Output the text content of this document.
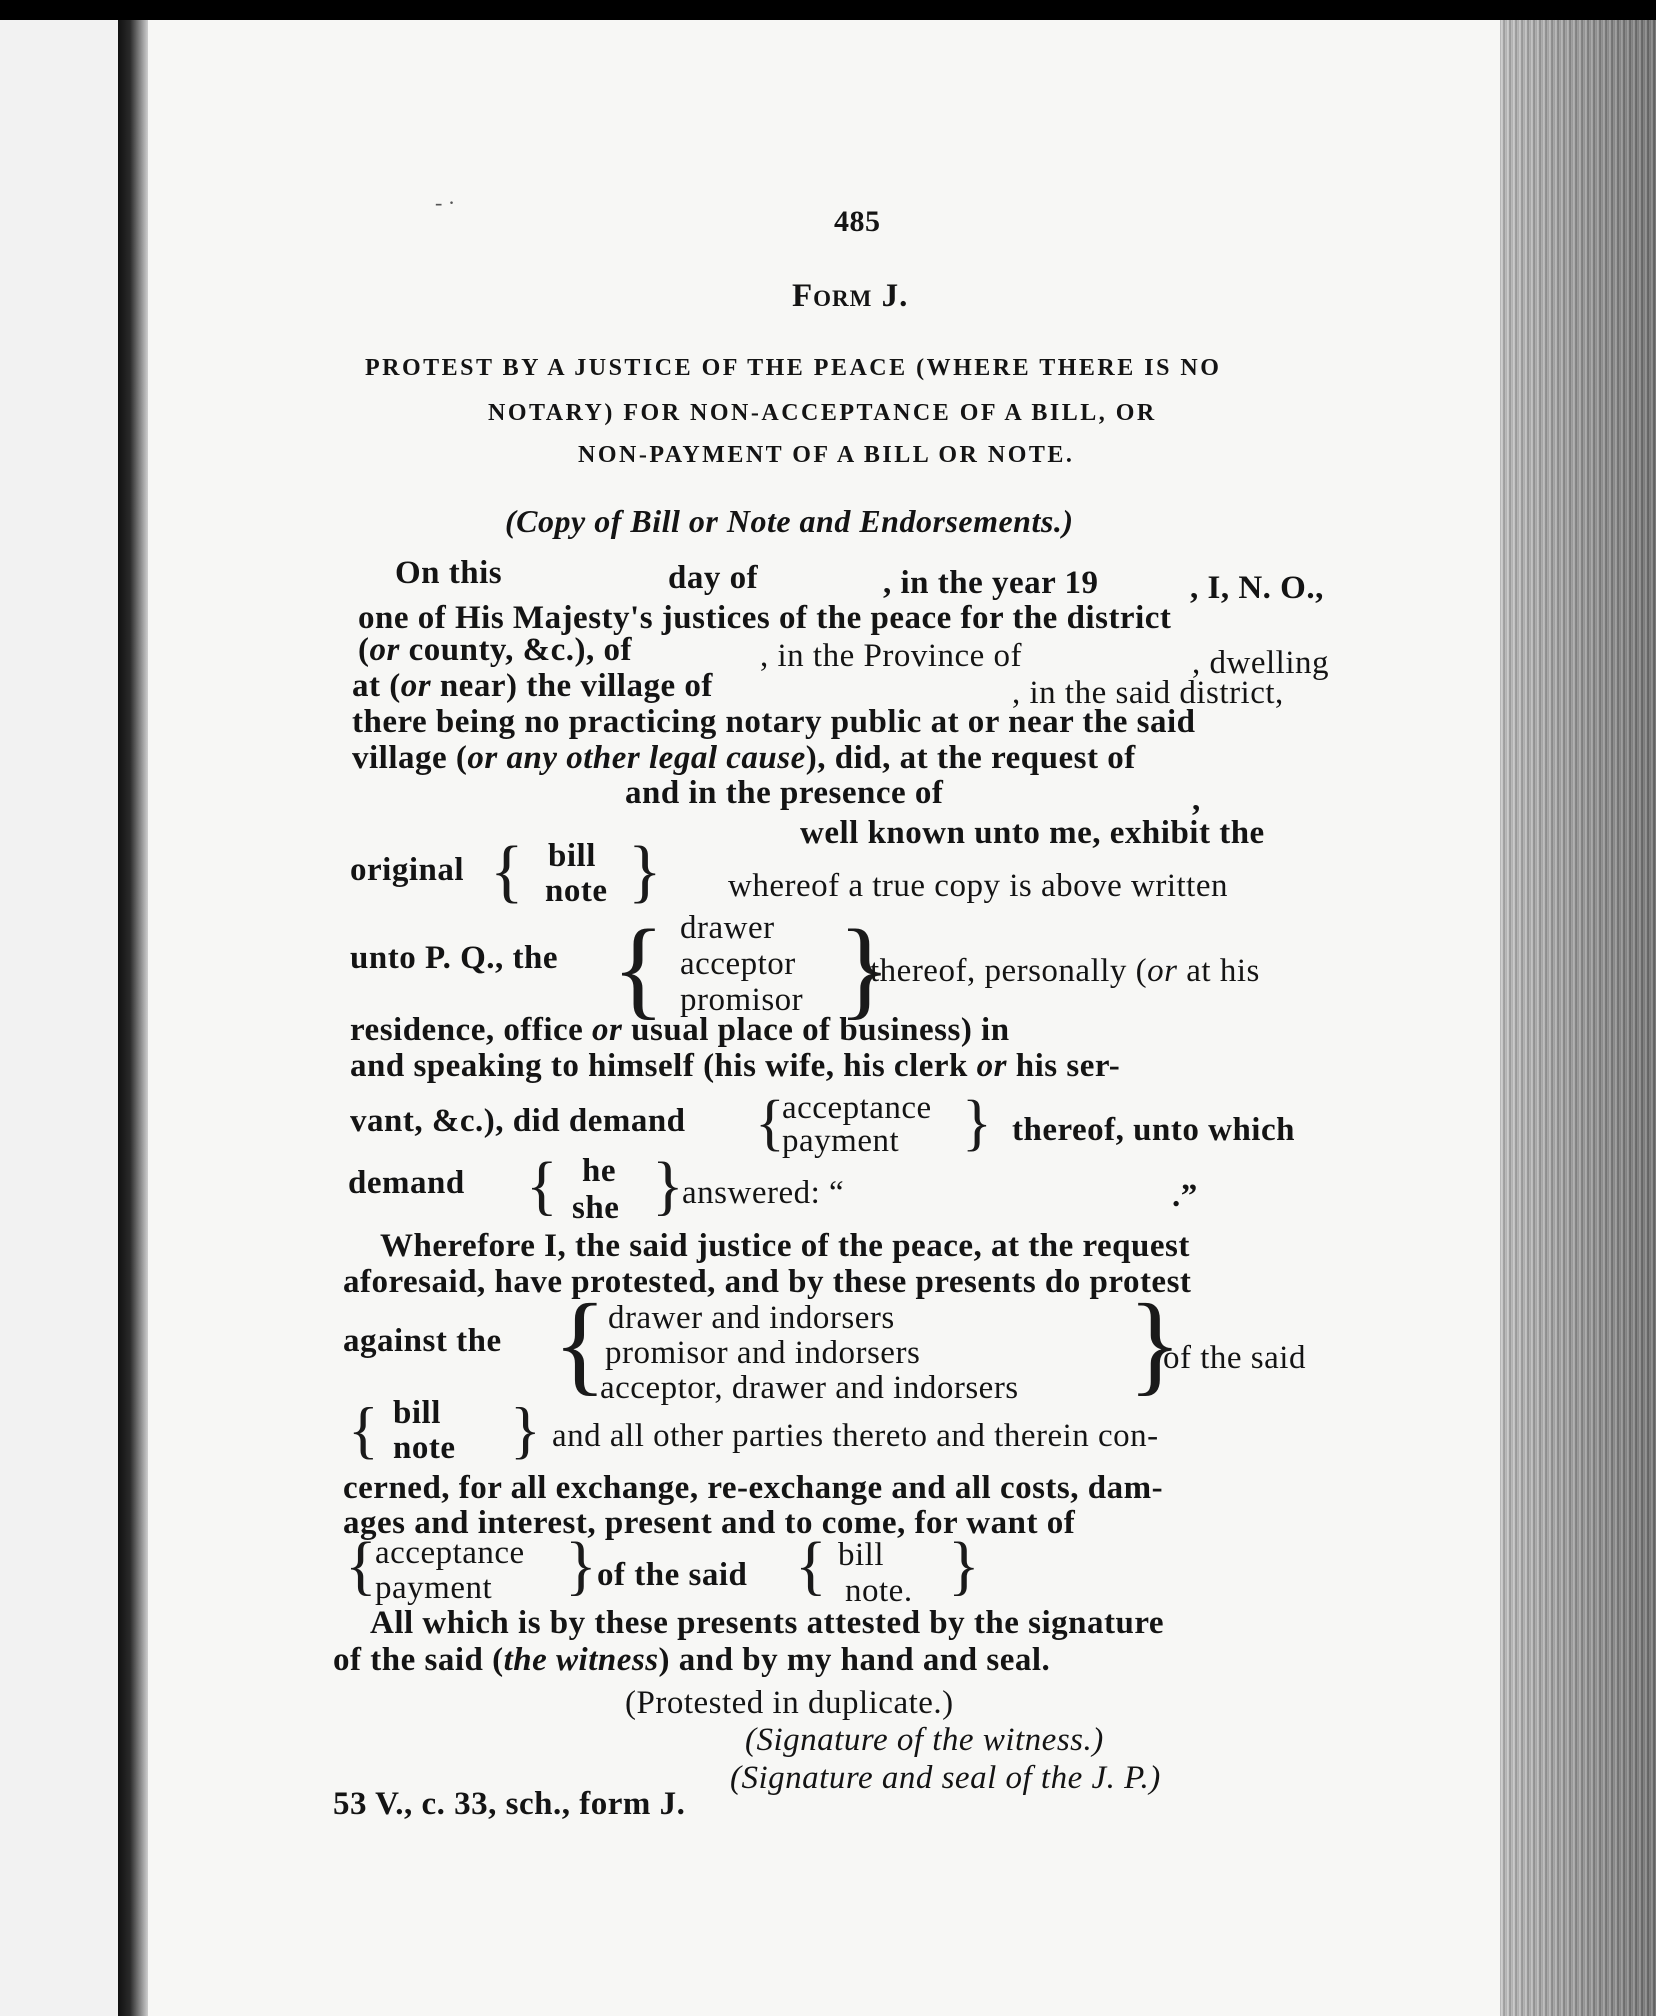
- ·
485
Form J.
PROTEST BY A JUSTICE OF THE PEACE (WHERE THERE IS NO
NOTARY) FOR NON-ACCEPTANCE OF A BILL, OR
NON-PAYMENT OF A BILL OR NOTE.
(Copy of Bill or Note and Endorsements.)
On this	day of	, in the year 19	, I, N. O.,
one of His Majesty's justices of the peace for the district
(or county, &c.), of	, in the Province of	, dwelling
at (or near) the village of	, in the said district,
there being no practicing notary public at or near the said
village (or any other legal cause), did, at the request of
and in the presence of	,
well known unto me, exhibit the
original { bill
note } whereof a true copy is above written
unto P. Q., the { drawer
acceptor
promisor }
thereof, personally (or at his
residence, office or usual place of business) in
and speaking to himself (his wife, his clerk or his ser-
vant, &c.), did demand {
acceptance
payment } thereof, unto which
demand { he
she }
answered: “	.”
Wherefore I, the said justice of the peace, at the request
aforesaid, have protested, and by these presents do protest
against the { drawer and indorsers
promisor and indorsers
acceptor, drawer and indorsers }
of the said
{ bill
note } and all other parties thereto and therein con-
cerned, for all exchange, re-exchange and all costs, dam-
ages and interest, present and to come, for want of
{
acceptance
payment } of the said { bill
note. }
All which is by these presents attested by the signature
of the said (the witness) and by my hand and seal.
(Protested in duplicate.)
(Signature of the witness.)
(Signature and seal of the J. P.)
53 V., c. 33, sch., form J.
